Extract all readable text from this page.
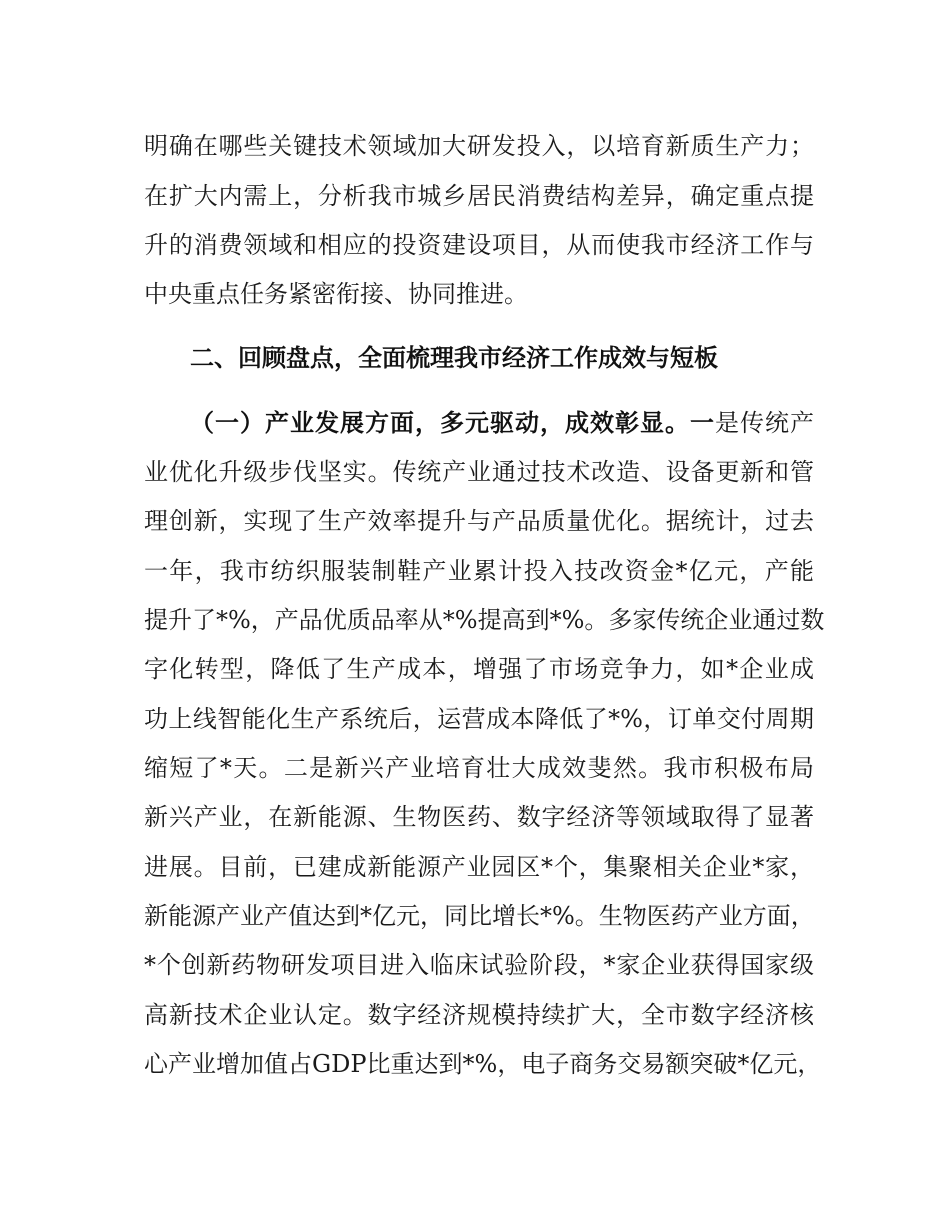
明确在哪些关键技术领域加大研发投入，以培育新质生产力；
在扩大内需上，分析我市城乡居民消费结构差异，确定重点提
升的消费领域和相应的投资建设项目，从而使我市经济工作与
中央重点任务紧密衔接、协同推进。
二、回顾盘点，全面梳理我市经济工作成效与短板
（一）产业发展方面，多元驱动，成效彰显。一是传统产
业优化升级步伐坚实。传统产业通过技术改造、设备更新和管
理创新，实现了生产效率提升与产品质量优化。据统计，过去
一年，我市纺织服装制鞋产业累计投入技改资金*亿元，产能
提升了*%，产品优质品率从*%提高到*%。多家传统企业通过数
字化转型，降低了生产成本，增强了市场竞争力，如*企业成
功上线智能化生产系统后，运营成本降低了*%，订单交付周期
缩短了*天。二是新兴产业培育壮大成效斐然。我市积极布局
新兴产业，在新能源、生物医药、数字经济等领域取得了显著
进展。目前，已建成新能源产业园区*个，集聚相关企业*家，
新能源产业产值达到*亿元，同比增长*%。生物医药产业方面，
*个创新药物研发项目进入临床试验阶段，*家企业获得国家级
高新技术企业认定。数字经济规模持续扩大，全市数字经济核
心产业增加值占GDP比重达到*%，电子商务交易额突破*亿元，
